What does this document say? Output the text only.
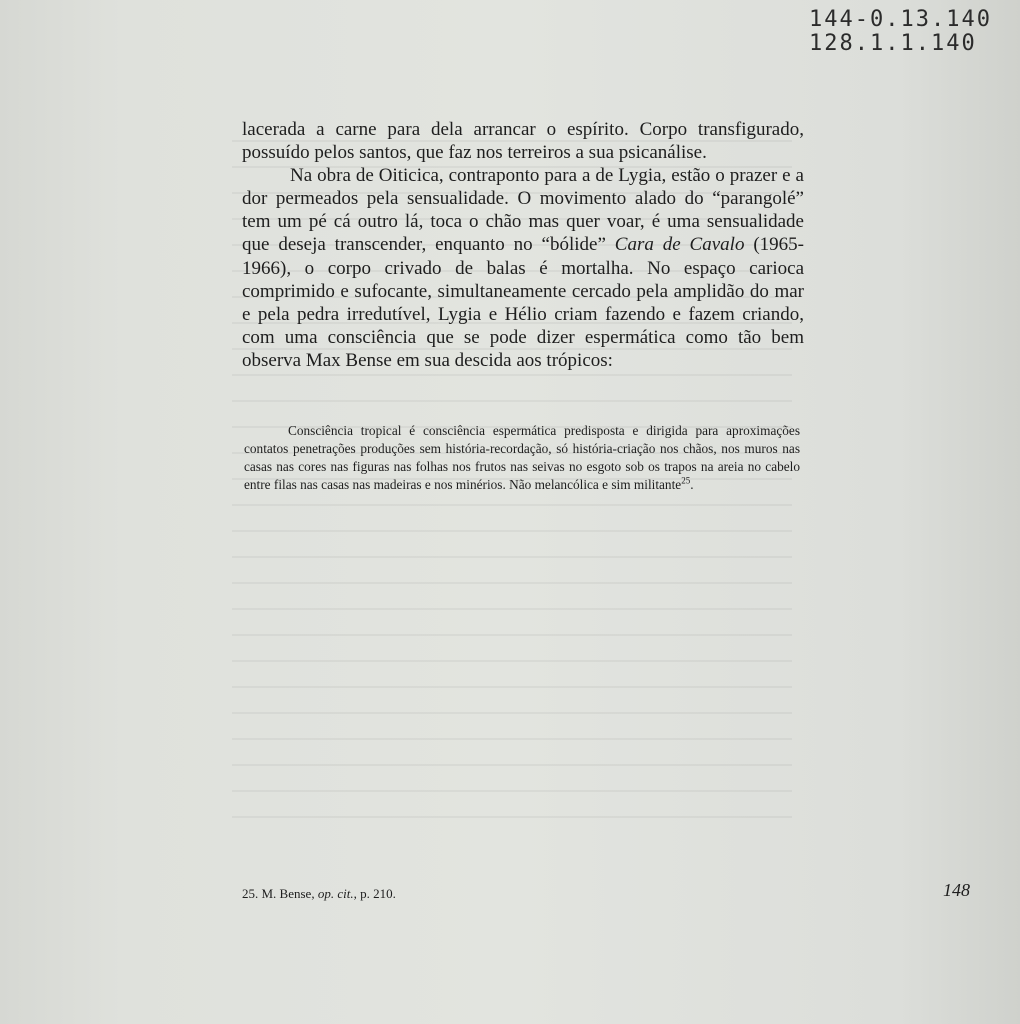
144-0.13.140
128.1.1.140

lacerada a carne para dela arrancar o espírito. Corpo transfigurado, possuído pelos santos, que faz nos terreiros a sua psicanálise.

Na obra de Oiticica, contraponto para a de Lygia, estão o prazer e a dor permeados pela sensualidade. O movimento alado do “parangolé” tem um pé cá outro lá, toca o chão mas quer voar, é uma sensualidade que deseja transcender, enquanto no “bólide” Cara de Cavalo (1965-1966), o corpo crivado de balas é mortalha. No espaço carioca comprimido e sufocante, simultaneamente cercado pela amplidão do mar e pela pedra irredutível, Lygia e Hélio criam fazendo e fazem criando, com uma consciência que se pode dizer espermática como tão bem observa Max Bense em sua descida aos trópicos:

Consciência tropical é consciência espermática predisposta e dirigida para aproximações contatos penetrações produções sem história-recordação, só história-criação nos chãos, nos muros nas casas nas cores nas figuras nas folhas nos frutos nas seivas no esgoto sob os trapos na areia no cabelo entre filas nas casas nas madeiras e nos minérios. Não melancólica e sim militante$^{25}$.

25. M. Bense, op. cit., p. 210.	148
